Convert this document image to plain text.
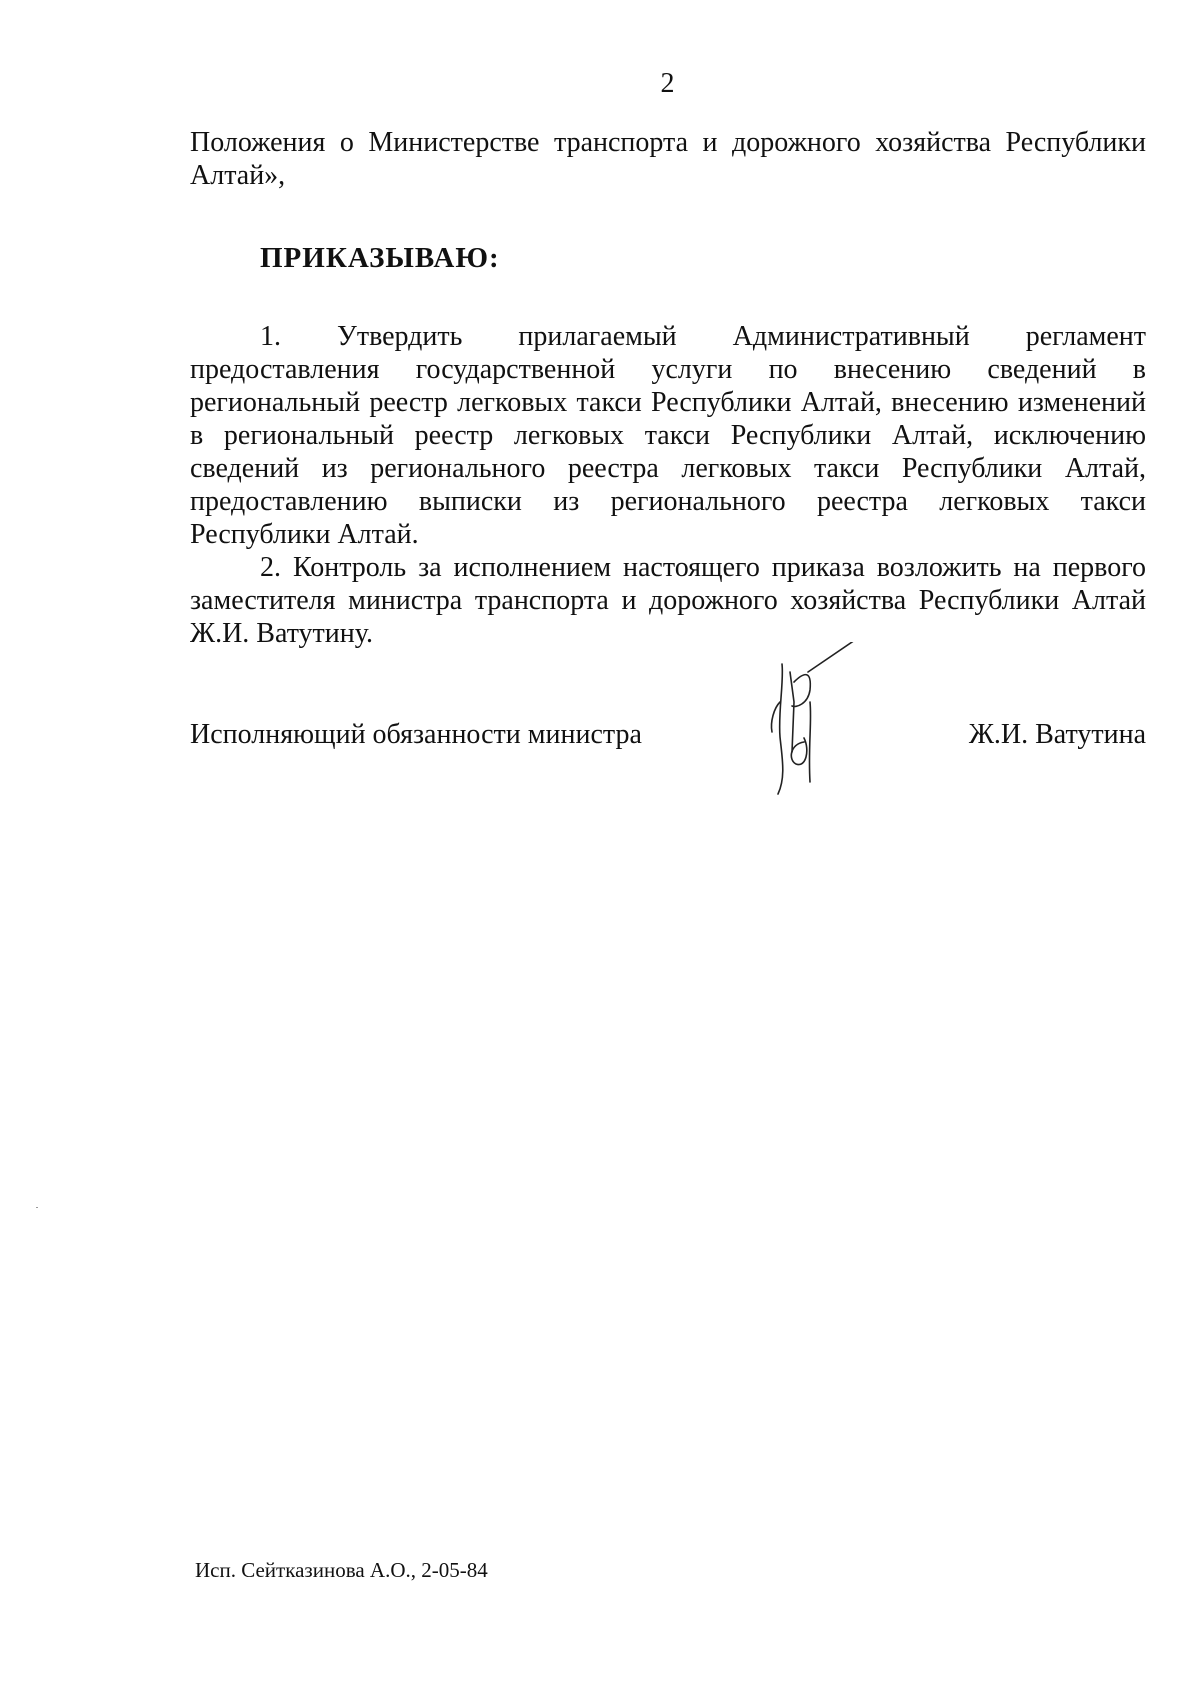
2

Положения о Министерстве транспорта и дорожного хозяйства Республики Алтай»,

ПРИКАЗЫВАЮ:

1. Утвердить прилагаемый Административный регламент предоставления государственной услуги по внесению сведений в региональный реестр легковых такси Республики Алтай, внесению изменений в региональный реестр легковых такси Республики Алтай, исключению сведений из регионального реестра легковых такси Республики Алтай, предоставлению выписки из регионального реестра легковых такси Республики Алтай.

2. Контроль за исполнением настоящего приказа возложить на первого заместителя министра транспорта и дорожного хозяйства Республики Алтай Ж.И. Ватутину.

Исполняющий обязанности министра	Ж.И. Ватутина
Исп. Сейтказинова А.О., 2-05-84
